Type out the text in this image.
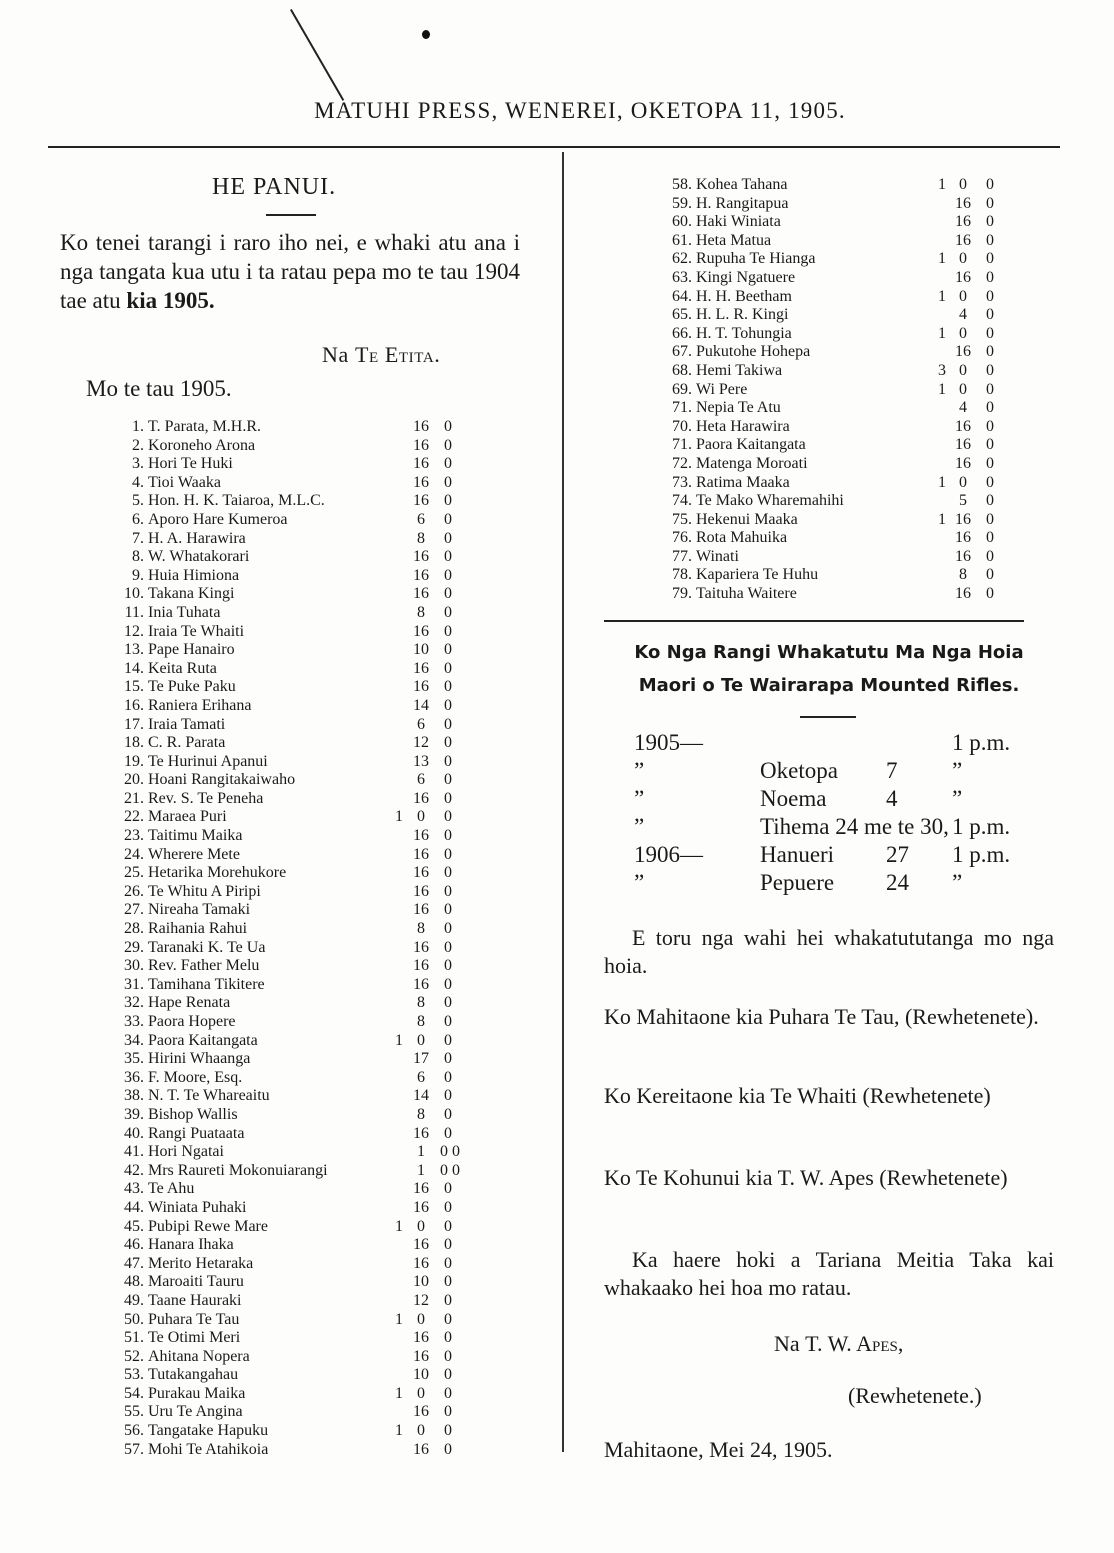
MATUHI PRESS, WENEREI, OKETOPA 11, 1905.
HE PANUI.

Ko tenei tarangi i raro iho nei, e whaki atu ana i nga tangata kua utu i ta ratau pepa mo te tau 1904 tae atu kia 1905.

Na Te Etita.
Mo te tau 1905.
1. T. Parata, M.H.R.	16 0
2. Koroneho Arona	16 0
3. Hori Te Huki	16 0
4. Tioi Waaka	16 0
5. Hon. H. K. Taiaroa, M.L.C.	16 0
6. Aporo Hare Kumeroa	6	0
7. H. A. Harawira	8	0
8. W. Whatakorari	16 0
9. Huia Himiona	16 0
10. Takana Kingi	16 0
11. Inia Tuhata	8	0
12. Iraia Te Whaiti	16 0
13. Pape Hanairo	10 0
14. Keita Ruta	16 0
15. Te Puke Paku	16 0
16. Raniera Erihana	14 0
17. Iraia Tamati	6	0
18. C. R. Parata	12 0
19. Te Hurinui Apanui	13 0
20. Hoani Rangitakaiwaho	6	0
21. Rev. S. Te Peneha	16 0
22. Maraea Puri	1 0	0
23. Taitimu Maika	16 0
24. Wherere Mete	16 0
25. Hetarika Morehukore	16 0
26. Te Whitu A Piripi	16 0
27. Nireaha Tamaki	16 0
28. Raihania Rahui	8	0
29. Taranaki K. Te Ua	16 0
30. Rev. Father Melu	16 0
31. Tamihana Tikitere	16 0
32. Hape Renata	8	0
33. Paora Hopere	8	0
34. Paora Kaitangata	1 0	0
35. Hirini Whaanga	17 0
36. F. Moore, Esq.	6	0
38. N. T. Te Whareaitu	14 0
39. Bishop Wallis	8	0
40. Rangi Puataata	16 0
41. Hori Ngatai	1 0 0
42. Mrs Raureti Mokonuiarangi	1 0 0
43. Te Ahu	16 0
44. Winiata Puhaki	16 0
45. Pubipi Rewe Mare	1 0	0
46. Hanara Ihaka	16 0
47. Merito Hetaraka	16 0
48. Maroaiti Tauru	10 0
49. Taane Hauraki	12 0
50. Puhara Te Tau	1 0	0
51. Te Otimi Meri	16 0
52. Ahitana Nopera	16 0
53. Tutakangahau	10 0
54. Purakau Maika	1 0	0
55. Uru Te Angina	16 0
56. Tangatake Hapuku	1 0	0
57. Mohi Te Atahikoia	16 0
58. Kohea Tahana	1 0	0
59. H. Rangitapua	16 0
60. Haki Winiata	16 0
61. Heta Matua	16 0
62. Rupuha Te Hianga	1 0	0
63. Kingi Ngatuere	16 0
64. H. H. Beetham	1 0	0
65. H. L. R. Kingi	4	0
66. H. T. Tohungia	1 0	0
67. Pukutohe Hohepa	16 0
68. Hemi Takiwa	3 0	0
69. Wi Pere	1 0	0
71. Nepia Te Atu	4	0
70. Heta Harawira	16 0
71. Paora Kaitangata	16 0
72. Matenga Moroati	16 0
73. Ratima Maaka	1 0	0
74. Te Mako Wharemahihi	5	0
75. Hekenui Maaka	1 16 0
76. Rota Mahuika	16 0
77. Winati	16 0
78. Kapariera Te Huhu	8	0
79. Taituha Waitere	16 0
Ko Nga Rangi Whakatutu Ma Nga Hoia
Maori o Te Wairarapa Mounted Rifles.
1905—	1 p.m.
”	Oketopa 7 ”
”	Noema	4 ”
”	Tihema 24 me te 30, 1 p.m.
1906— Hanueri 27 1 p.m.
”	Pepuere 24 ”

E toru nga wahi hei whakatututanga mo nga hoia.

Ko Mahitaone kia Puhara Te Tau, (Rewhetenete).

Ko Kereitaone kia Te Whaiti (Rewhetenete)

Ko Te Kohunui kia T. W. Apes (Rewhetenete)

Ka haere hoki a Tariana Meitia Taka kai whakaako hei hoa mo ratau.

Na T. W. Apes,
(Rewhetenete.)
Mahitaone, Mei 24, 1905.
